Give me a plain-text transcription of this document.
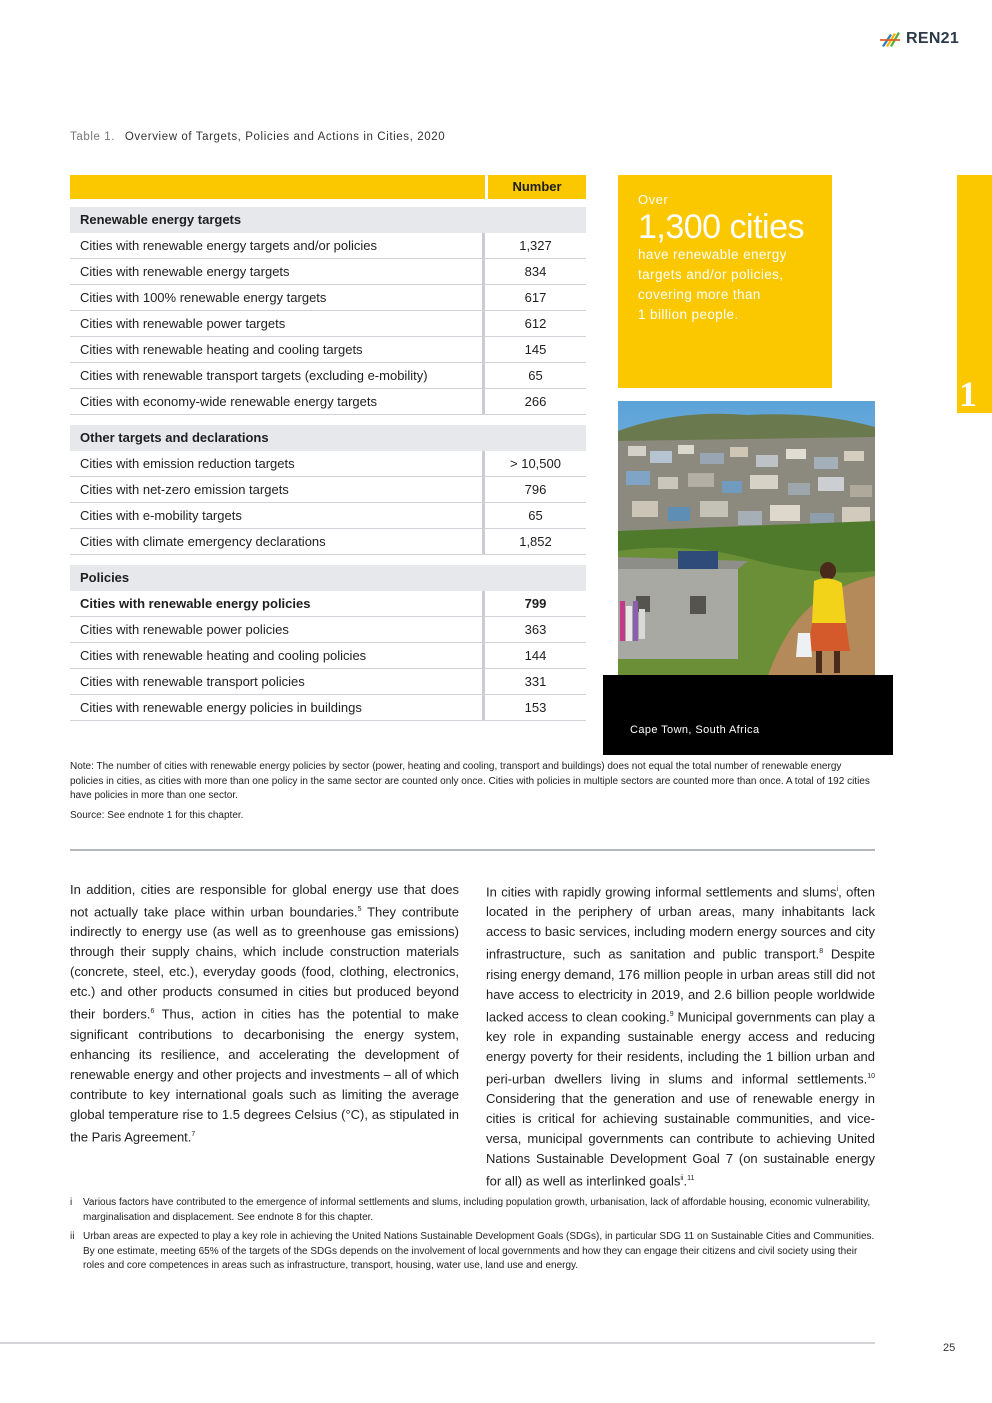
REN21
Table 1. Overview of Targets, Policies and Actions in Cities, 2020
Number
Renewable energy targets
Cities with renewable energy targets and/or policies	1,327
Cities with renewable energy targets	834
Cities with 100% renewable energy targets	617
Cities with renewable power targets	612
Cities with renewable heating and cooling targets	145
Cities with renewable transport targets (excluding e-mobility)	65
Cities with economy-wide renewable energy targets	266
Other targets and declarations
Cities with emission reduction targets	> 10,500
Cities with net-zero emission targets	796
Cities with e-mobility targets	65
Cities with climate emergency declarations	1,852
Policies
Cities with renewable energy policies	799
Cities with renewable power policies	363
Cities with renewable heating and cooling policies	144
Cities with renewable transport policies	331
Cities with renewable energy policies in buildings	153
Over
1,300 cities
have renewable energy
targets and/or policies,
covering more than
1 billion people.
1
Cape Town, South Africa
Note: The number of cities with renewable energy policies by sector (power, heating and cooling, transport and buildings) does not equal the total number of renewable energy policies in cities, as cities with more than one policy in the same sector are counted only once. Cities with policies in multiple sectors are counted more than once. A total of 192 cities have policies in more than one sector.
Source: See endnote 1 for this chapter.

In addition, cities are responsible for global energy use that does not actually take place within urban boundaries.$^5$ They contribute indirectly to energy use (as well as to greenhouse gas emissions) through their supply chains, which include construction materials (concrete, steel, etc.), everyday goods (food, clothing, electronics, etc.) and other products consumed in cities but produced beyond their borders.$^6$ Thus, action in cities has the potential to make significant contributions to decarbonising the energy system, enhancing its resilience, and accelerating the development of renewable energy and other projects and investments – all of which contribute to key international goals such as limiting the average global temperature rise to 1.5 degrees Celsius (°C), as stipulated in the Paris Agreement.$^7$

In cities with rapidly growing informal settlements and slums$^i$, often located in the periphery of urban areas, many inhabitants lack access to basic services, including modern energy sources and city infrastructure, such as sanitation and public transport.$^8$ Despite rising energy demand, 176 million people in urban areas still did not have access to electricity in 2019, and 2.6 billion people worldwide lacked access to clean cooking.$^9$ Municipal governments can play a key role in expanding sustainable energy access and reducing energy poverty for their residents, including the 1 billion urban and peri-urban dwellers living in slums and informal settlements.$^{10}$ Considering that the generation and use of renewable energy in cities is critical for achieving sustainable communities, and vice-versa, municipal governments can contribute to achieving United Nations Sustainable Development Goal 7 (on sustainable energy for all) as well as interlinked goals$^{ii}$.$^{11}$

i	Various factors have contributed to the emergence of informal settlements and slums, including population growth, urbanisation, lack of affordable housing, economic vulnerability, marginalisation and displacement. See endnote 8 for this chapter.
ii Urban areas are expected to play a key role in achieving the United Nations Sustainable Development Goals (SDGs), in particular SDG 11 on Sustainable Cities and Communities. By one estimate, meeting 65% of the targets of the SDGs depends on the involvement of local governments and how they can engage their citizens and civil society using their roles and core competences in areas such as infrastructure, transport, housing, water use, land use and energy.
25
